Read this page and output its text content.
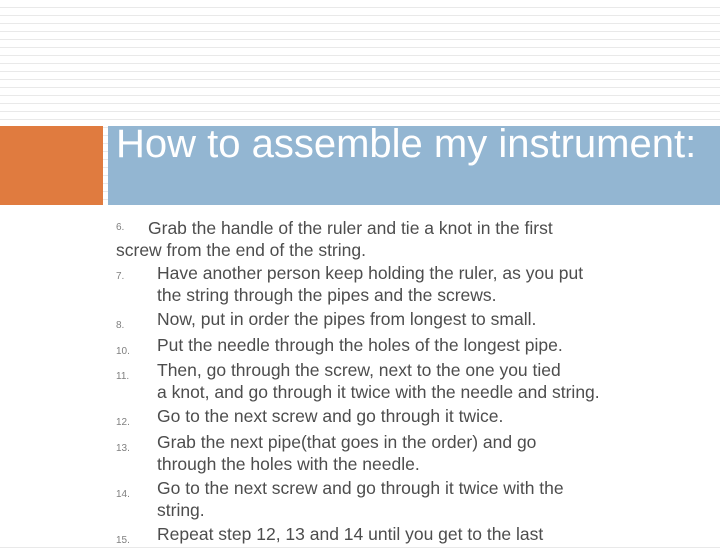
How to assemble my instrument:
6. Grab the handle of the ruler and tie a knot in the first
screw from the end of the string.
7. Have another person keep holding the ruler, as you put
the string through the pipes and the screws.
8. Now, put in order the pipes from longest to small.
10. Put the needle through the holes of the longest pipe.
11. Then, go through the screw, next to the one you tied
a knot, and go through it twice with the needle and string.
12. Go to the next screw and go through it twice.
13. Grab the next pipe(that goes in the order) and go
through the holes with the needle.
14. Go to the next screw and go through it twice with the
string.
15. Repeat step 12, 13 and 14 until you get to the last
